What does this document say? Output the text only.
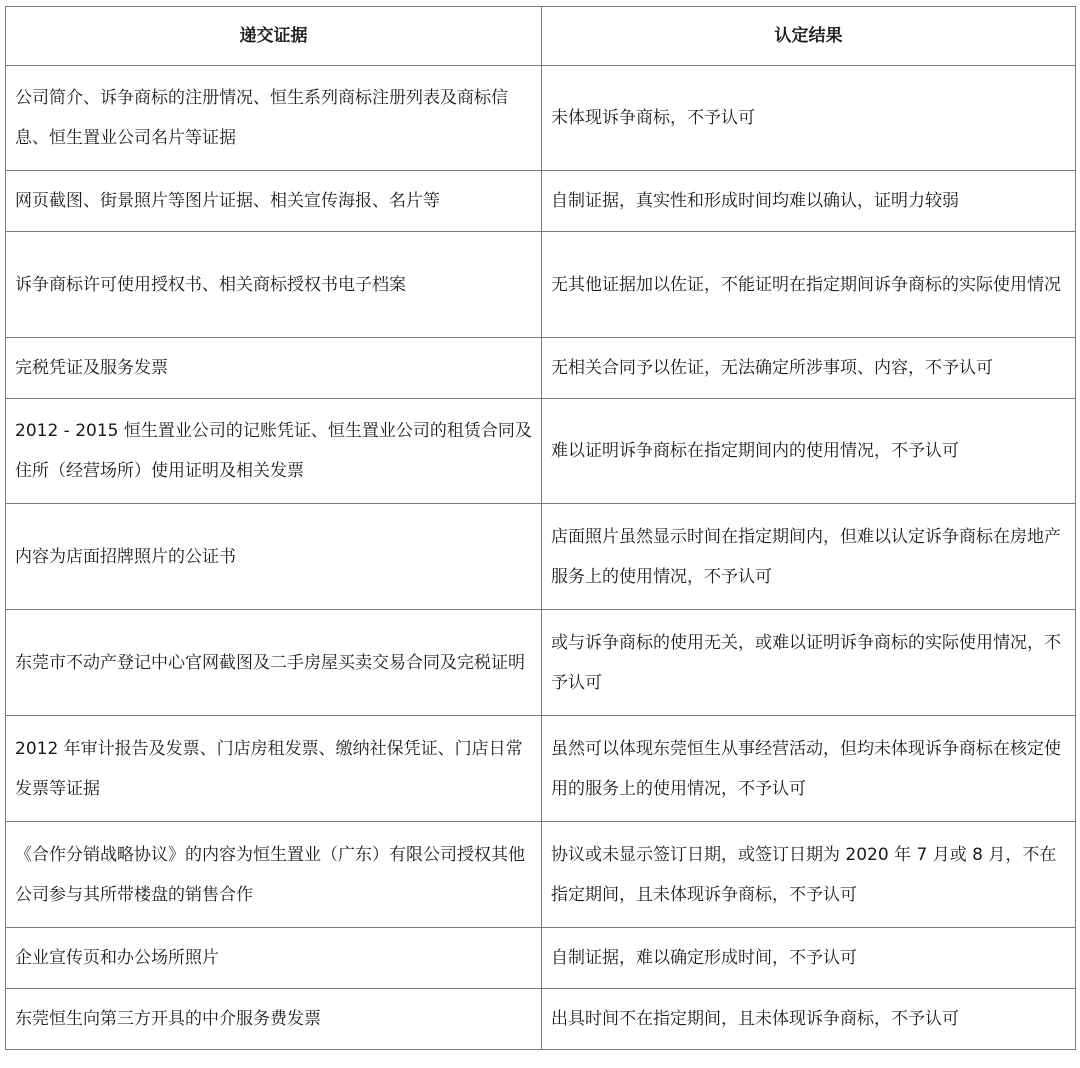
递交证据	认定结果
公司简介、诉争商标的注册情况、恒生系列商标注册列表及商标信息、恒生置业公司名片等证据	未体现诉争商标，不予认可
网页截图、街景照片等图片证据、相关宣传海报、名片等	自制证据，真实性和形成时间均难以确认，证明力较弱
诉争商标许可使用授权书、相关商标授权书电子档案	无其他证据加以佐证，不能证明在指定期间诉争商标的实际使用情况
完税凭证及服务发票	无相关合同予以佐证，无法确定所涉事项、内容，不予认可
2012 - 2015 恒生置业公司的记账凭证、恒生置业公司的租赁合同及住所（经营场所）使用证明及相关发票	难以证明诉争商标在指定期间内的使用情况，不予认可
内容为店面招牌照片的公证书	店面照片虽然显示时间在指定期间内，但难以认定诉争商标在房地产服务上的使用情况，不予认可
东莞市不动产登记中心官网截图及二手房屋买卖交易合同及完税证明	或与诉争商标的使用无关，或难以证明诉争商标的实际使用情况，不予认可
2012 年审计报告及发票、门店房租发票、缴纳社保凭证、门店日常发票等证据	虽然可以体现东莞恒生从事经营活动，但均未体现诉争商标在核定使用的服务上的使用情况，不予认可
《合作分销战略协议》的内容为恒生置业（广东）有限公司授权其他公司参与其所带楼盘的销售合作	协议或未显示签订日期，或签订日期为 2020 年 7 月或 8 月，不在指定期间，且未体现诉争商标，不予认可
企业宣传页和办公场所照片	自制证据，难以确定形成时间，不予认可
东莞恒生向第三方开具的中介服务费发票	出具时间不在指定期间，且未体现诉争商标，不予认可
